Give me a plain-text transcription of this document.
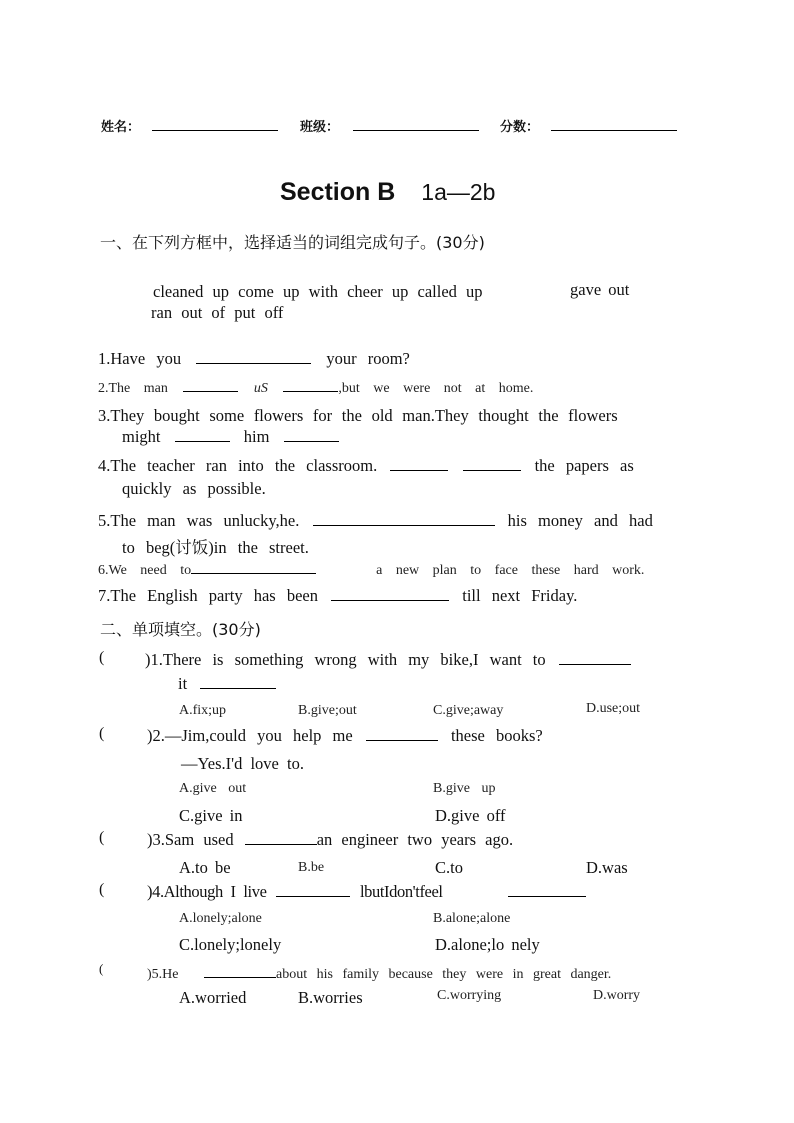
姓名：	班级：	分数：
Section B 1a—2b
一、在下列方框中，选择适当的词组完成句子。(30分)
cleaned up come up with cheer up called up	gave out
ran out of put off
1.Have you	your room?
2.The man	uS	,but we were not at home.
3.They bought some flowers for the old man.They thought the flowers
might	him
4.The teacher ran into the classroom.	the papers as
quickly as possible.
5.The man was unlucky,he.	his money and had
to beg(讨饭)in the street.
6.We need to	a new plan to face these hard work.
7.The English party has been	till next Friday.
二、单项填空。(30分)
( )1.There is something wrong with my bike,I want to
it
A.fix;up	B.give;out	C.give;away	D.use;out
(	)2.—Jim,could you help me	these books?
—Yes.I'd love to.
A.give out	B.give up
C.give in	D.give off
(	)3.Sam used	an engineer two years ago.
A.to be	B.be	C.to	D.was
(	)4.Although I live	lbutIdon'tfeel
A.lonely;alone	B.alone;alone
C.lonely;lonely	D.alone;lo nely
(	)5.He	about his family because they were in great danger.
A.worried	B.worries	C.worrying	D.worry
